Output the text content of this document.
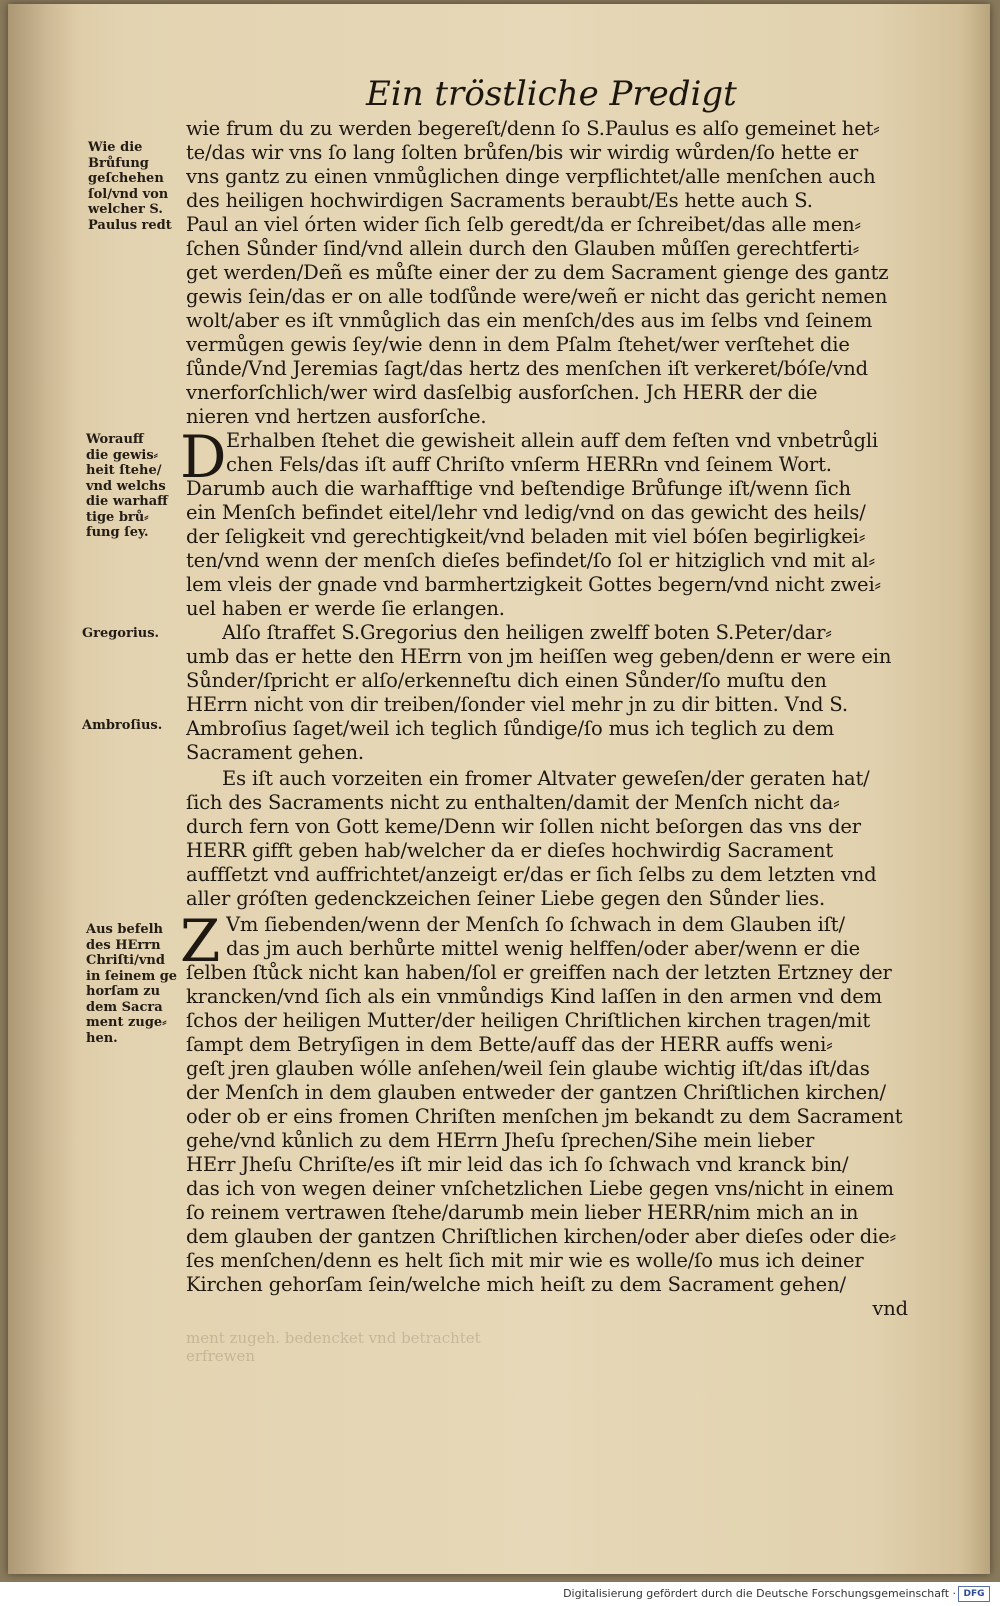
Ein tröstliche Predigt
wie frum du zu werden begereſt/denn ſo S.Paulus es alſo gemeinet het⸗
te/das wir vns ſo lang ſolten brůfen/bis wir wirdig wůrden/ſo hette er
vns gantz zu einen vnmůglichen dinge verpflichtet/alle menſchen auch
des heiligen hochwirdigen Sacraments beraubt/Es hette auch S.
Paul an viel órten wider ſich ſelb geredt/da er ſchreibet/das alle men⸗
ſchen Sůnder ſind/vnd allein durch den Glauben můſſen gerechtferti⸗
get werden/Deñ es můſte einer der zu dem Sacrament gienge des gantz
gewis ſein/das er on alle todſůnde were/weñ er nicht das gericht nemen
wolt/aber es iſt vnmůglich das ein menſch/des aus im ſelbs vnd ſeinem
vermůgen gewis ſey/wie denn in dem Pſalm ſtehet/wer verſtehet die
ſůnde/Vnd Jeremias ſagt/das hertz des menſchen iſt verkeret/bóſe/vnd
vnerforſchlich/wer wird dasſelbig ausforſchen. Jch HERR der die
nieren vnd hertzen ausforſche.
D Erhalben ſtehet die gewisheit allein auff dem feſten vnd vnbetrůgli
chen Fels/das iſt auff Chriſto vnſerm HERRn vnd ſeinem Wort.
Darumb auch die warhafftige vnd beſtendige Brůfunge iſt/wenn ſich
ein Menſch befindet eitel/lehr vnd ledig/vnd on das gewicht des heils/
der ſeligkeit vnd gerechtigkeit/vnd beladen mit viel bóſen begirligkei⸗
ten/vnd wenn der menſch dieſes befindet/ſo ſol er hitziglich vnd mit al⸗
lem vleis der gnade vnd barmhertzigkeit Gottes begern/vnd nicht zwei⸗
uel haben er werde ſie erlangen.
Alſo ſtraffet S.Gregorius den heiligen zwelff boten S.Peter/dar⸗
umb das er hette den HErrn von jm heiſſen weg geben/denn er were ein
Sůnder/ſpricht er alſo/erkenneſtu dich einen Sůnder/ſo muſtu den
HErrn nicht von dir treiben/ſonder viel mehr jn zu dir bitten. Vnd S.
Ambroſius ſaget/weil ich teglich ſůndige/ſo mus ich teglich zu dem
Sacrament gehen.
Es iſt auch vorzeiten ein fromer Altvater geweſen/der geraten hat/
ſich des Sacraments nicht zu enthalten/damit der Menſch nicht da⸗
durch fern von Gott keme/Denn wir ſollen nicht beſorgen das vns der
HERR gifft geben hab/welcher da er dieſes hochwirdig Sacrament
auffſetzt vnd auffrichtet/anzeigt er/das er ſich ſelbs zu dem letzten vnd
aller gróſten gedenckzeichen ſeiner Liebe gegen den Sůnder lies.
Z Vm ſiebenden/wenn der Menſch ſo ſchwach in dem Glauben iſt/
das jm auch berhůrte mittel wenig helffen/oder aber/wenn er die
ſelben ſtůck nicht kan haben/ſol er greiffen nach der letzten Ertzney der
krancken/vnd ſich als ein vnmůndigs Kind laſſen in den armen vnd dem
ſchos der heiligen Mutter/der heiligen Chriſtlichen kirchen tragen/mit
ſampt dem Betryſigen in dem Bette/auff das der HERR auffs weni⸗
geſt jren glauben wólle anſehen/weil ſein glaube wichtig iſt/das iſt/das
der Menſch in dem glauben entweder der gantzen Chriſtlichen kirchen/
oder ob er eins fromen Chriſten menſchen jm bekandt zu dem Sacrament
gehe/vnd kůnlich zu dem HErrn Jheſu ſprechen/Sihe mein lieber
HErr Jheſu Chriſte/es iſt mir leid das ich ſo ſchwach vnd kranck bin/
das ich von wegen deiner vnſchetzlichen Liebe gegen vns/nicht in einem
ſo reinem vertrawen ſtehe/darumb mein lieber HERR/nim mich an in
dem glauben der gantzen Chriſtlichen kirchen/oder aber dieſes oder die⸗
ſes menſchen/denn es helt ſich mit mir wie es wolle/ſo mus ich deiner
Kirchen gehorſam ſein/welche mich heiſt zu dem Sacrament gehen/
vnd
Wie die
Brůfung
geſchehen
ſol/vnd von
welcher S.
Paulus redt
Worauff
die gewis⸗
heit ſtehe/
vnd welchs
die warhaff
tige brů⸗
fung ſey.
Gregorius.
Ambroſius.
Aus befelh
des HErrn
Chriſti/vnd
in ſeinem ge
horſam zu
dem Sacra
ment zuge⸗
hen.
ment zugeh. bedencket vnd betrachtet
erfrewen
Digitalisierung gefördert durch die Deutsche Forschungsgemeinschaft · DFG
